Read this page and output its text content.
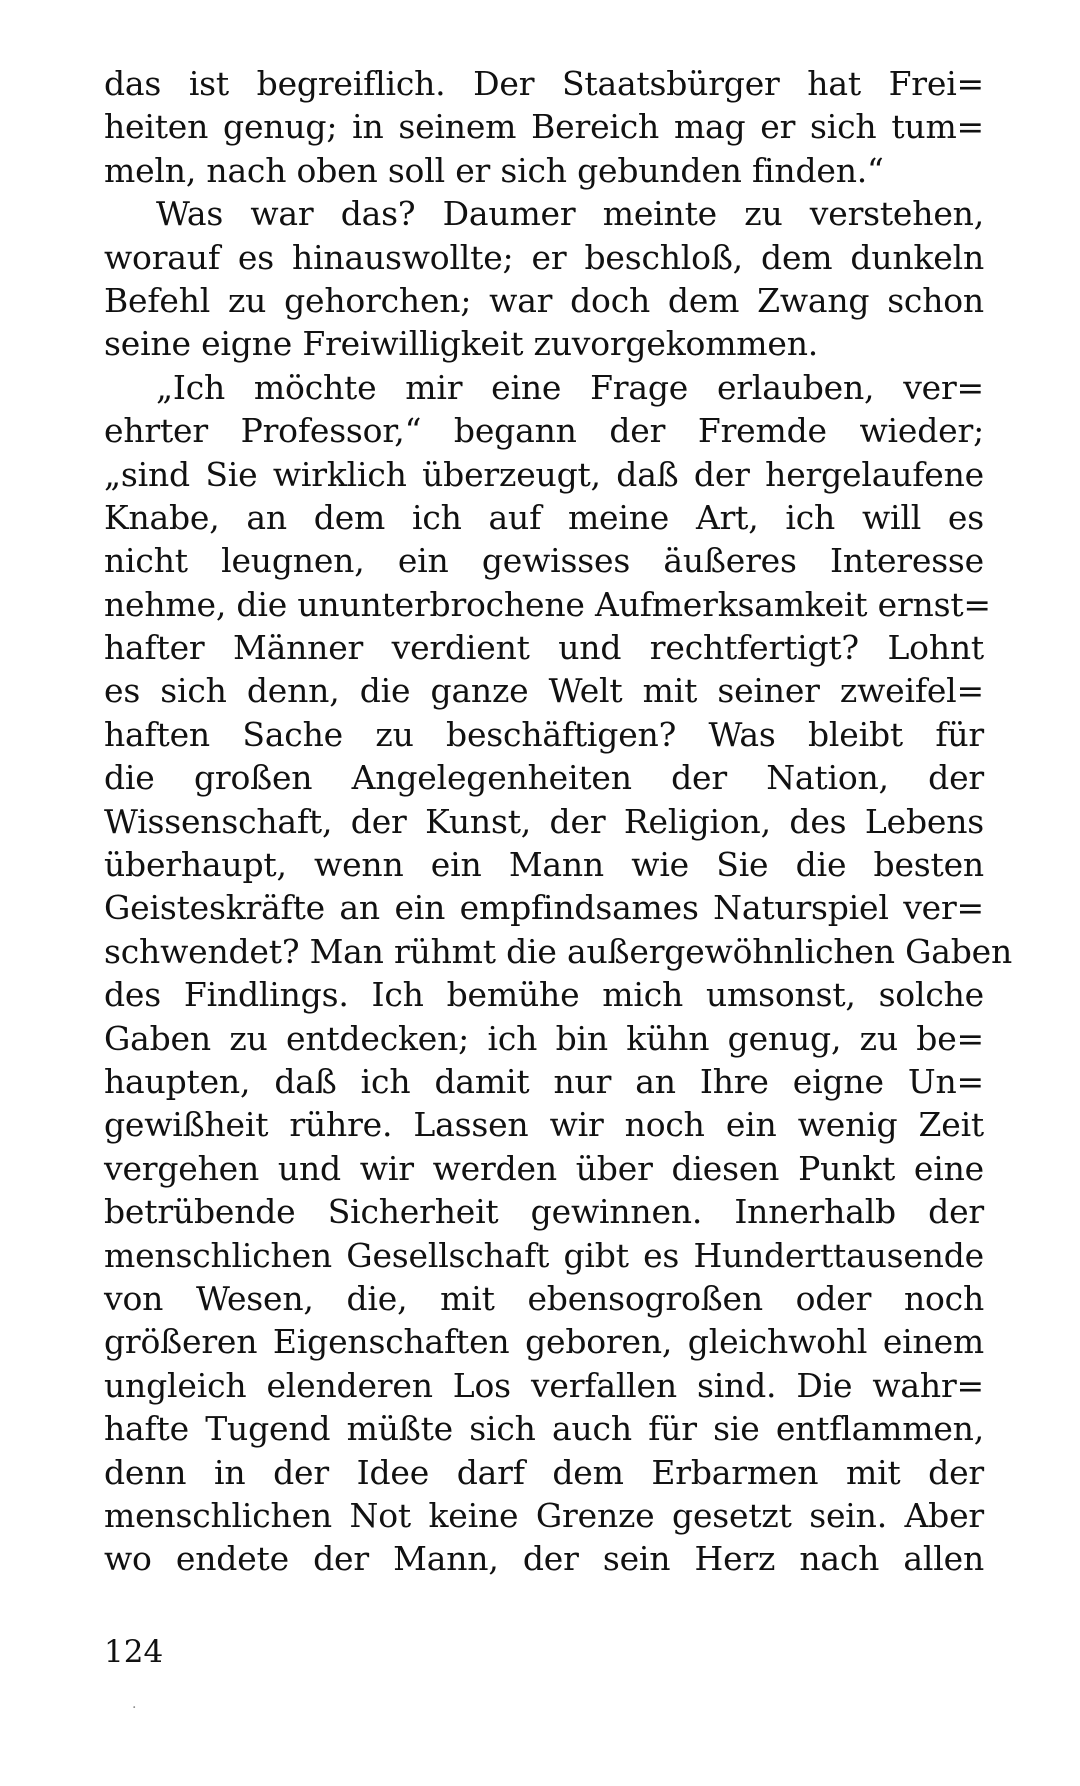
das ist begreiflich. Der Staatsbürger hat Frei=
heiten genug; in seinem Bereich mag er sich tum=
meln, nach oben soll er sich gebunden finden.“
Was war das? Daumer meinte zu verstehen,
worauf es hinauswollte; er beschloß, dem dunkeln
Befehl zu gehorchen; war doch dem Zwang schon
seine eigne Freiwilligkeit zuvorgekommen.
„Ich möchte mir eine Frage erlauben, ver=
ehrter Professor,“ begann der Fremde wieder;
„sind Sie wirklich überzeugt, daß der hergelaufene
Knabe, an dem ich auf meine Art, ich will es
nicht leugnen, ein gewisses äußeres Interesse
nehme, die ununterbrochene Aufmerksamkeit ernst=
hafter Männer verdient und rechtfertigt? Lohnt
es sich denn, die ganze Welt mit seiner zweifel=
haften Sache zu beschäftigen? Was bleibt für
die großen Angelegenheiten der Nation, der
Wissenschaft, der Kunst, der Religion, des Lebens
überhaupt, wenn ein Mann wie Sie die besten
Geisteskräfte an ein empfindsames Naturspiel ver=
schwendet? Man rühmt die außergewöhnlichen Gaben
des Findlings. Ich bemühe mich umsonst, solche
Gaben zu entdecken; ich bin kühn genug, zu be=
haupten, daß ich damit nur an Ihre eigne Un=
gewißheit rühre. Lassen wir noch ein wenig Zeit
vergehen und wir werden über diesen Punkt eine
betrübende Sicherheit gewinnen. Innerhalb der
menschlichen Gesellschaft gibt es Hunderttausende
von Wesen, die, mit ebensogroßen oder noch
größeren Eigenschaften geboren, gleichwohl einem
ungleich elenderen Los verfallen sind. Die wahr=
hafte Tugend müßte sich auch für sie entflammen,
denn in der Idee darf dem Erbarmen mit der
menschlichen Not keine Grenze gesetzt sein. Aber
wo endete der Mann, der sein Herz nach allen
124
·
